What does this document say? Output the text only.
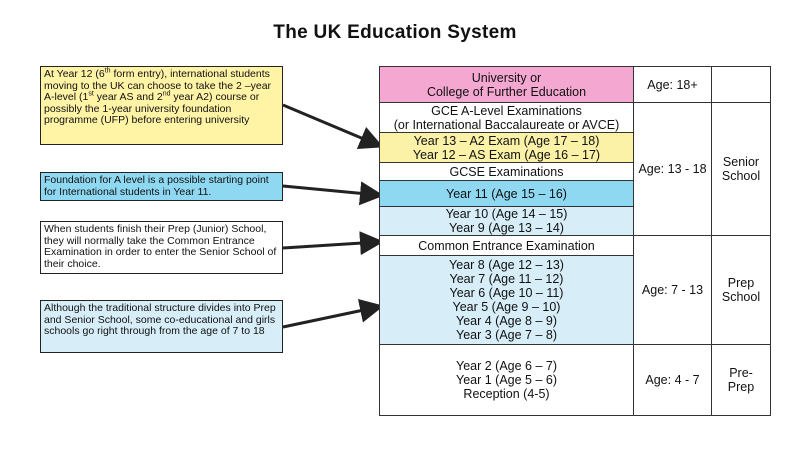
The UK Education System
At Year 12 (6th form entry), international students moving to the UK can choose to take the 2 –year A-level (1st year AS and 2nd year A2) course or possibly the 1-year university foundation programme (UFP) before entering university
Foundation for A level is a possible starting point for International students in Year 11.
When students finish their Prep (Junior) School, they will normally take the Common Entrance Examination in order to enter the Senior School of their choice.
Although the traditional structure divides into Prep and Senior School, some co-educational and girls schools go right through from the age of 7 to 18
University or
College of Further Education
GCE A-Level Examinations
(or International Baccalaureate or AVCE)
Year 13 – A2 Exam (Age 17 – 18)
Year 12 – AS Exam (Age 16 – 17)
GCSE Examinations
Year 11 (Age 15 – 16)
Year 10 (Age 14 – 15)
Year 9 (Age 13 – 14)
Common Entrance Examination
Year 8 (Age 12 – 13)
Year 7 (Age 11 – 12)
Year 6 (Age 10 – 11)
Year 5 (Age 9 – 10)
Year 4 (Age 8 – 9)
Year 3 (Age 7 – 8)
Year 2 (Age 6 – 7)
Year 1 (Age 5 – 6)
Reception (4-5)
Age: 18+
Age: 13 - 18
Age: 7 - 13
Age: 4 - 7
Senior
School
Prep
School
Pre-
Prep
